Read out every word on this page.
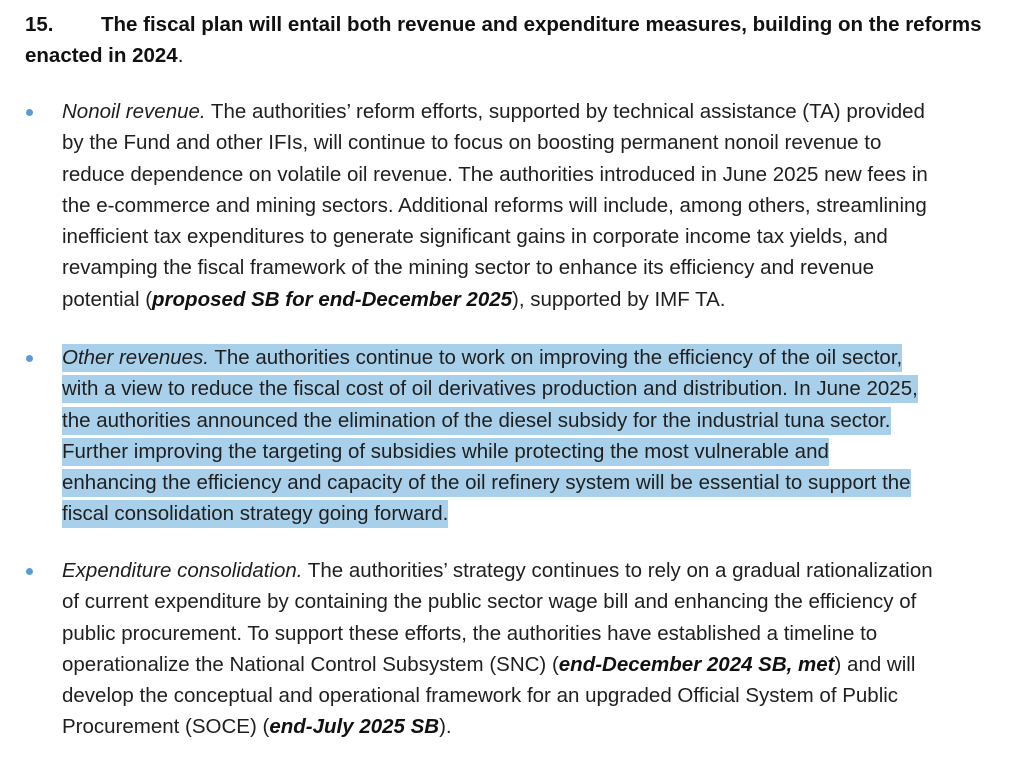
15. The fiscal plan will entail both revenue and expenditure measures, building on the reforms enacted in 2024.
Nonoil revenue. The authorities’ reform efforts, supported by technical assistance (TA) provided
by the Fund and other IFIs, will continue to focus on boosting permanent nonoil revenue to
reduce dependence on volatile oil revenue. The authorities introduced in June 2025 new fees in
the e-commerce and mining sectors. Additional reforms will include, among others, streamlining
inefficient tax expenditures to generate significant gains in corporate income tax yields, and
revamping the fiscal framework of the mining sector to enhance its efficiency and revenue
potential (proposed SB for end-December 2025), supported by IMF TA.
Other revenues. The authorities continue to work on improving the efficiency of the oil sector,
with a view to reduce the fiscal cost of oil derivatives production and distribution. In June 2025,
the authorities announced the elimination of the diesel subsidy for the industrial tuna sector.
Further improving the targeting of subsidies while protecting the most vulnerable and
enhancing the efficiency and capacity of the oil refinery system will be essential to support the
fiscal consolidation strategy going forward.
Expenditure consolidation. The authorities’ strategy continues to rely on a gradual rationalization
of current expenditure by containing the public sector wage bill and enhancing the efficiency of
public procurement. To support these efforts, the authorities have established a timeline to
operationalize the National Control Subsystem (SNC) (end-December 2024 SB, met) and will
develop the conceptual and operational framework for an upgraded Official System of Public
Procurement (SOCE) (end-July 2025 SB).
